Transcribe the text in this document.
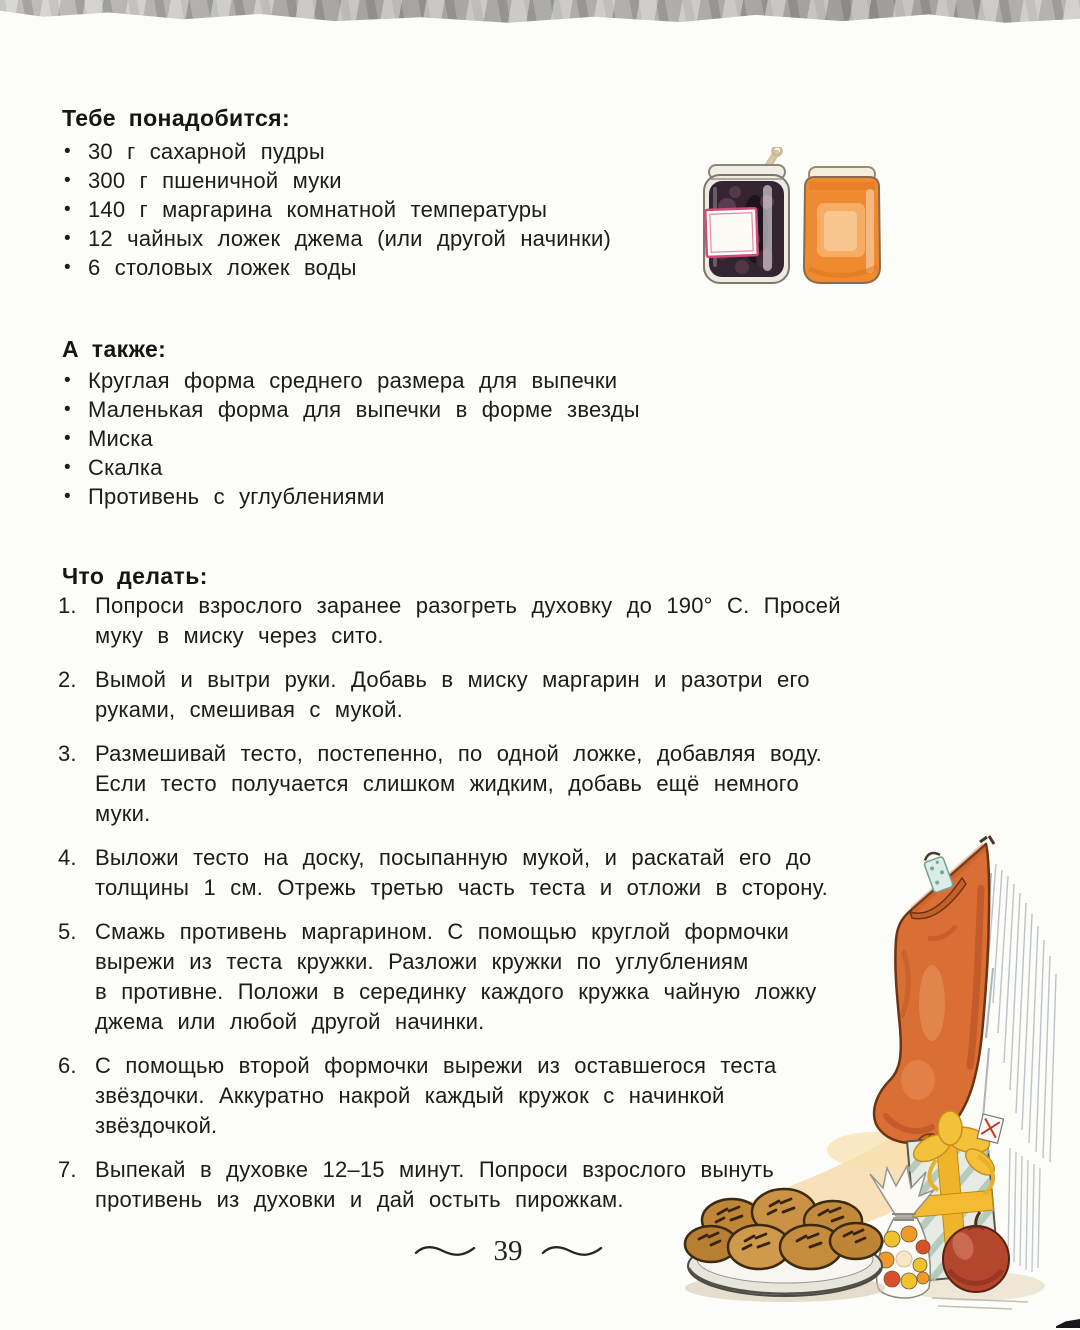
Тебе понадобится:
• 30 г сахарной пудры
• 300 г пшеничной муки
• 140 г маргарина комнатной температуры
• 12 чайных ложек джема (или другой начинки)
• 6 столовых ложек воды
А также:
• Круглая форма среднего размера для выпечки
• Маленькая форма для выпечки в форме звезды
• Миска
• Скалка
• Противень с углублениями
Что делать:
1. Попроси взрослого заранее разогреть духовку до 190° С. Просей
муку в миску через сито.
2. Вымой и вытри руки. Добавь в миску маргарин и разотри его
руками, смешивая с мукой.
3. Размешивай тесто, постепенно, по одной ложке, добавляя воду.
Если тесто получается слишком жидким, добавь ещё немного
муки.
4. Выложи тесто на доску, посыпанную мукой, и раскатай его до
толщины 1 см. Отрежь третью часть теста и отложи в сторону.
5. Смажь противень маргарином. С помощью круглой формочки
вырежи из теста кружки. Разложи кружки по углублениям
в противне. Положи в серединку каждого кружка чайную ложку
джема или любой другой начинки.
6. С помощью второй формочки вырежи из оставшегося теста
звёздочки. Аккуратно накрой каждый кружок с начинкой
звёздочкой.
7. Выпекай в духовке 12–15 минут. Попроси взрослого вынуть
противень из духовки и дай остыть пирожкам.
39
